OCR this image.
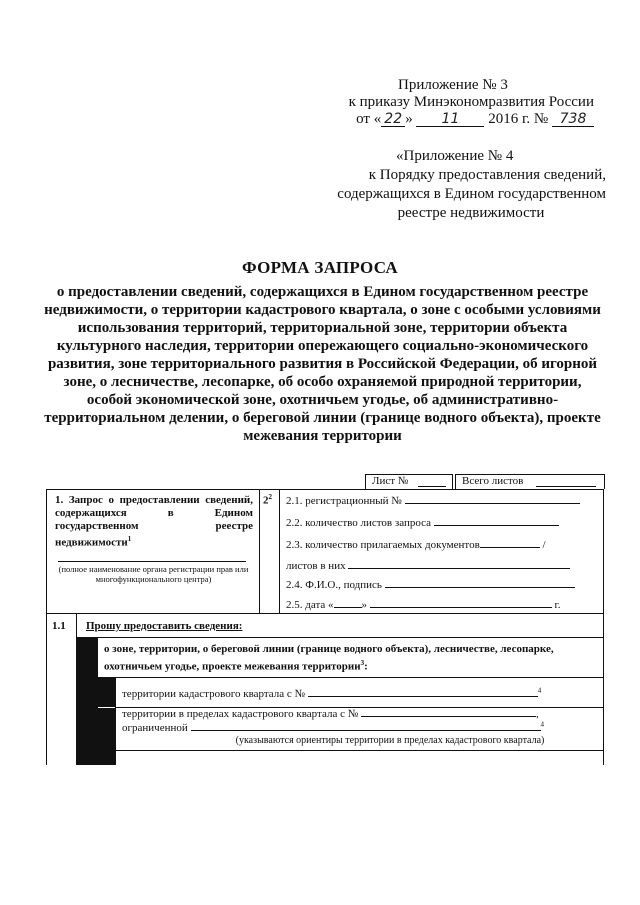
Приложение № 3
к приказу Минэкономразвития России
от « 22 » 11 2016 г. № 738
«Приложение № 4
к Порядку предоставления сведений,
содержащихся в Едином государственном
реестре недвижимости
ФОРМА ЗАПРОСА
о предоставлении сведений, содержащихся в Едином государственном реестре недвижимости, о территории кадастрового квартала, о зоне с особыми условиями использования территорий, территориальной зоне, территории объекта культурного наследия, территории опережающего социально-экономического развития, зоне территориального развития в Российской Федерации, об игорной зоне, о лесничестве, лесопарке, об особо охраняемой природной территории, особой экономической зоне, охотничьем угодье, об административно-территориальном делении, о береговой линии (границе водного объекта), проекте межевания территории
Лист №	Всего листов
1. Запрос о предоставлении сведений, содержащихся в Едином государственном реестре недвижимости$^1$
(полное наименование органа регистрации прав или многофункционального центра)
$2^2$ 2.1. регистрационный №
2.2. количество листов запроса
2.3. количество прилагаемых документов	/
листов в них
2.4. Ф.И.О., подпись
2.5. дата «	»	г.
1.1 Прошу предоставить сведения:
о зоне, территории, о береговой линии (границе водного объекта), лесничестве, лесопарке, охотничьем угодье, проекте межевания территории$^3$:
территории кадастрового квартала с №	$^4$
территории в пределах кадастрового квартала с №	,
ограниченной	$^4$
(указываются ориентиры территории в пределах кадастрового квартала)
